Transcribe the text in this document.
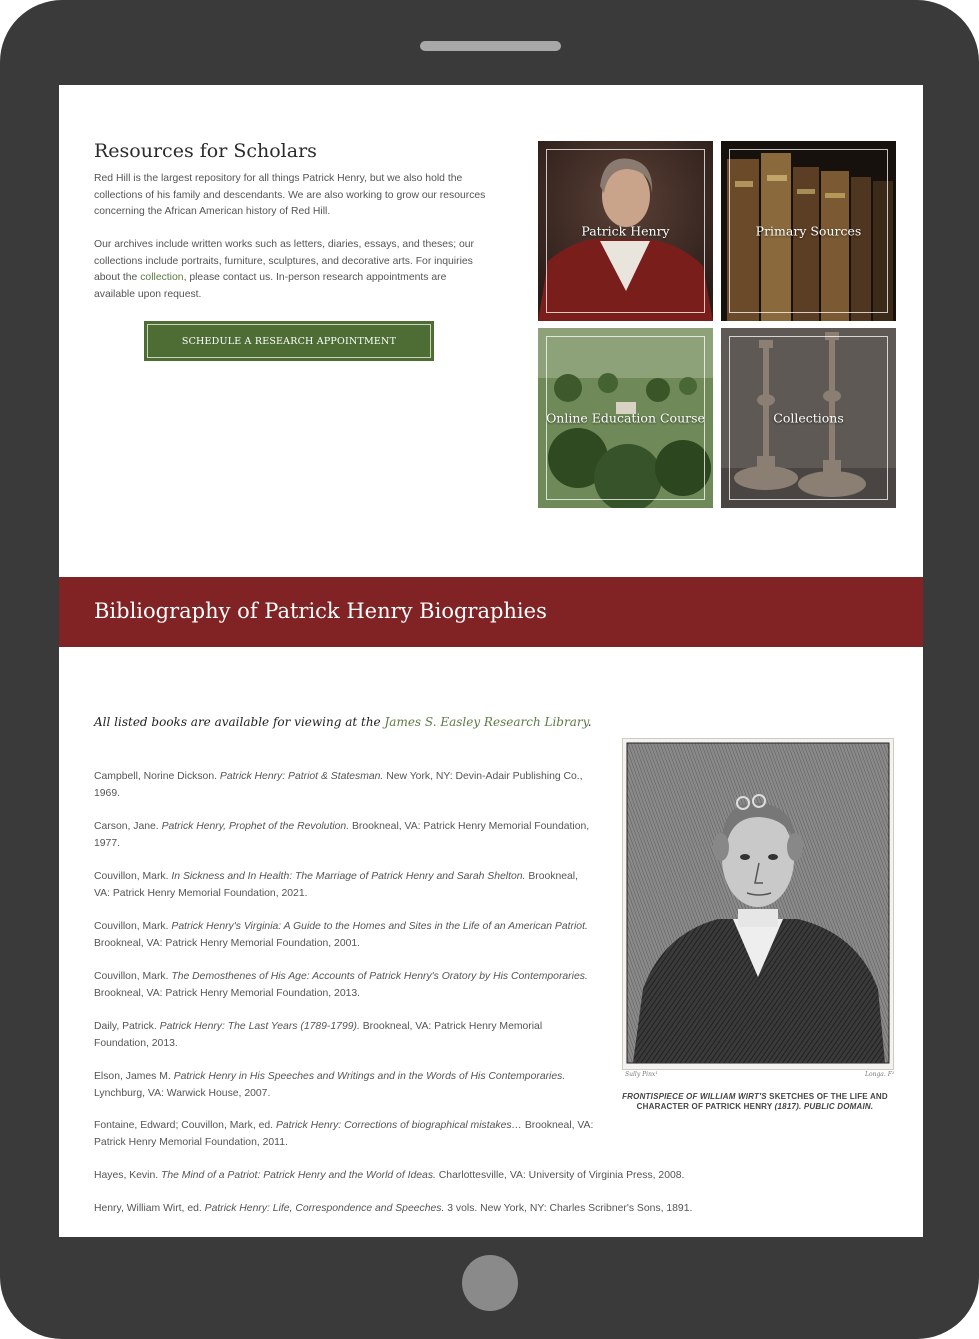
Resources for Scholars

Red Hill is the largest repository for all things Patrick Henry, but we also hold the collections of his family and descendants. We are also working to grow our resources concerning the African American history of Red Hill.

Our archives include written works such as letters, diaries, essays, and theses; our collections include portraits, furniture, sculptures, and decorative arts. For inquiries about the collection, please contact us. In-person research appointments are available upon request.

SCHEDULE A RESEARCH APPOINTMENT
Patrick Henry	Primary Sources
Online Education Course	Collections
Bibliography of Patrick Henry Biographies
All listed books are available for viewing at the James S. Easley Research Library.

Campbell, Norine Dickson. Patrick Henry: Patriot & Statesman. New York, NY: Devin-Adair Publishing Co., 1969.

Carson, Jane. Patrick Henry, Prophet of the Revolution. Brookneal, VA: Patrick Henry Memorial Foundation, 1977.

Couvillon, Mark. In Sickness and In Health: The Marriage of Patrick Henry and Sarah Shelton. Brookneal, VA: Patrick Henry Memorial Foundation, 2021.

Couvillon, Mark. Patrick Henry's Virginia: A Guide to the Homes and Sites in the Life of an American Patriot. Brookneal, VA: Patrick Henry Memorial Foundation, 2001.

Couvillon, Mark. The Demosthenes of His Age: Accounts of Patrick Henry's Oratory by His Contemporaries. Brookneal, VA: Patrick Henry Memorial Foundation, 2013.

Daily, Patrick. Patrick Henry: The Last Years (1789-1799). Brookneal, VA: Patrick Henry Memorial Foundation, 2013.

Elson, James M. Patrick Henry in His Speeches and Writings and in the Words of His Contemporaries. Lynchburg, VA: Warwick House, 2007.

Fontaine, Edward; Couvillon, Mark, ed. Patrick Henry: Corrections of biographical mistakes… Brookneal, VA: Patrick Henry Memorial Foundation, 2011.

Hayes, Kevin. The Mind of a Patriot: Patrick Henry and the World of Ideas. Charlottesville, VA: University of Virginia Press, 2008.

Henry, William Wirt, ed. Patrick Henry: Life, Correspondence and Speeches. 3 vols. New York, NY: Charles Scribner's Sons, 1891.

Sully Pinx¹	Longa. F¹
FRONTISPIECE OF WILLIAM WIRT'S SKETCHES OF THE LIFE AND CHARACTER OF PATRICK HENRY (1817). PUBLIC DOMAIN.
